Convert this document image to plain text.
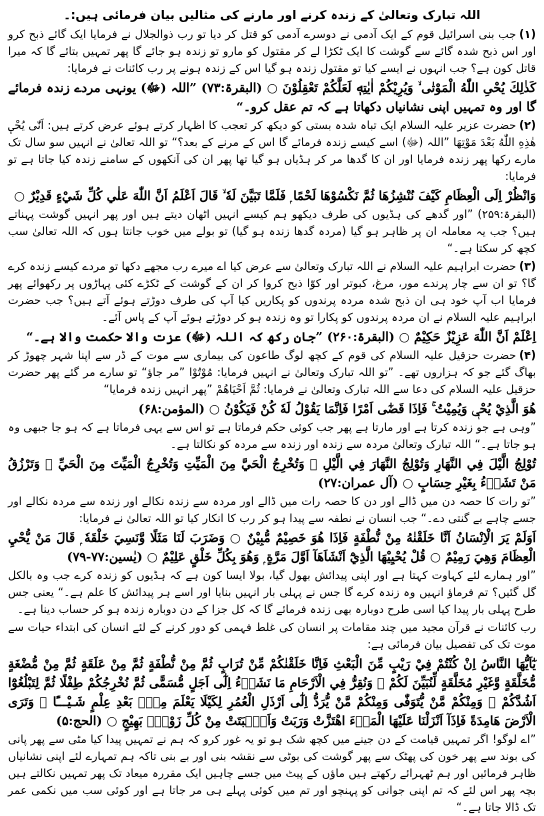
اللہ تبارک وتعالیٰ کے زندہ کرنے اور مارنے کی مثالیں بیان فرمائی ہیں:۔

(۱)جب بنی اسرائیل قوم کے ایک آدمی نے دوسرے آدمی کو قتل کر دیا تو رب ذوالجلال نے فرمایا ایک گائے ذبح کرو اور اس ذبح شدہ گائے سے گوشت کا ایک ٹکڑا لے کر مقتول کو مارو تو زندہ ہو جائے گا پھر تمہیں بتائے گا کہ میرا قاتل کون ہے؟ جب انہوں نے ایسے کیا تو مقتول زندہ ہو گیا اس کے زندہ ہونے پر رب کائنات نے فرمایا:

كَذٰلِكَ يُحْىِ اللّٰهُ الْمَوْتٰى ۙ وَيُرِيْكُمْ اٰيٰتِهٖ لَعَلَّكُمْ تَعْقِلُوْنَ ○ (البقرۃ:۷۳) ”اللہ (ﷻ) یونہی مردے زندہ فرمائے گا اور وہ تمہیں اپنی نشانیاں دکھاتا ہے کہ تم عقل کرو۔“

(۲)حضرت عزیر علیہ السلام ایک تباہ شدہ بستی کو دیکھ کر تعجب کا اظہار کرتے ہوئے عرض کرتے ہیں: اَنّٰى يُحْىٖ هٰذِهِ اللّٰهُ بَعْدَ مَوْتِهَا ”اللہ (ﷻ) اسے کیسے زندہ فرمائے گا اس کے مرنے کے بعد؟“ تو اللہ تعالیٰ نے انہیں سو سال تک مارے رکھا پھر زندہ فرمایا اور ان کا گدھا مر کر ہڈیاں ہو گیا تھا پھر ان کی آنکھوں کے سامنے زندہ کیا جاتا ہے تو فرمایا:

وَانْظُرْ اِلَى الْعِظَامِ كَيْفَ نُنْشِزُهَا ثُمَّ نَكْسُوْهَا لَحْمًا ۭ فَلَمَّا تَبَيَّنَ لَهٗ ۙ قَالَ اَعْلَمُ اَنَّ اللّٰهَ عَلٰي كُلِّ شَيْءٍ قَدِيْرٌ ○

(البقرۃ:۲۵۹) ”اور گدھے کی ہڈیوں کی طرف دیکھو ہم کیسے انہیں اٹھان دیتے ہیں اور پھر انہیں گوشت پہناتے ہیں؟ جب یہ معاملہ ان پر ظاہر ہو گیا (مردہ گدھا زندہ ہو گیا) تو بولے میں خوب جانتا ہوں کہ اللہ تعالیٰ سب کچھ کر سکتا ہے۔“

(۳)حضرت ابراہیم علیہ السلام نے اللہ تبارک وتعالیٰ سے عرض کیا اے میرے رب مجھے دکھا تو مردے کیسے زندہ کرے گا؟ تو ان سے چار پرندے مور، مرغ، کبوتر اور کوّا ذبح کروا کر ان کے گوشت کے ٹکڑے کئی پہاڑوں پر رکھوائے پھر فرمایا اب آپ خود ہی ان ذبح شدہ مردہ پرندوں کو پکاریں کیا آپ کی طرف دوڑتے ہوئے آتے ہیں؟ جب حضرت ابراہیم علیہ السلام نے ان مردہ پرندوں کو پکارا تو وہ زندہ ہو کر دوڑتے ہوئے آپ کے پاس آئے۔

اِعْلَمْ اَنَّ اللّٰهَ عَزِيْزٌ حَكِيْمٌ ○ (البقرۃ:۲۶۰) ”جان رکھ کہ اللہ (ﷻ) عزت والا حکمت والا ہے۔“

(۴)حضرت حزقیل علیہ السلام کی قوم کے کچھ لوگ طاعون کی بیماری سے موت کے ڈر سے اپنا شہر چھوڑ کر بھاگ گئے جو کہ ہزاروں تھے۔ ”تو اللہ تبارک وتعالیٰ نے انہیں فرمایا: مُوْتُوْا ”مر جاؤ“ تو سارے مر گئے پھر حضرت حزقیل علیہ السلام کی دعا سے اللہ تبارک وتعالیٰ نے فرمایا: ثُمَّ اَحْيَاهُمْ ”پھر انہیں زندہ فرمایا“

هُوَ الَّذِيْ يُحْيٖ وَيُمِيْتُ ۚ فَاِذَا قَضٰٓى اَمْرًا فَاِنَّمَا يَقُوْلُ لَهٗ كُنْ فَيَكُوْنُ ○ (المؤمن:۶۸)

”وہی ہے جو زندہ کرتا ہے اور مارتا ہے پھر جب کوئی حکم فرماتا ہے تو اس سے یہی فرماتا ہے کہ ہو جا جبھی وہ ہو جاتا ہے۔“ اللہ تبارک وتعالیٰ مردہ سے زندہ اور زندہ سے مردہ کو نکالتا ہے۔

تُوْلِجُ الَّيْلَ فِي النَّهَارِ وَتُوْلِجُ النَّهَارَ فِي الَّيْلِ ۡ وَتُخْرِجُ الْحَيَّ مِنَ الْمَيِّتِ وَتُخْرِجُ الْمَيِّتَ مِنَ الْحَيِّ ۡ وَتَرْزُقُ مَنْ تَشَاۗءُ بِغَيْرِ حِسَابٍ ○ (آل عمران:۲۷)

”تو رات کا حصہ دن میں ڈالے اور دن کا حصہ رات میں ڈالے اور مردہ سے زندہ نکالے اور زندہ سے مردہ نکالے اور جسے چاہے بے گنتی دے۔“ جب انسان نے نطفہ سے پیدا ہو کر رب کا انکار کیا تو اللہ تعالیٰ نے فرمایا:

اَوَلَمْ يَرَ الْاِنْسَانُ اَنَّا خَلَقْنٰهُ مِنْ نُّطْفَةٍ فَاِذَا هُوَ خَصِيْمٌ مُّبِيْنٌ ○ وَضَرَبَ لَنَا مَثَلًا وَّنَسِيَ خَلْقَهٗ ۭ قَالَ مَنْ يُّحْيِ الْعِظَامَ وَهِيَ رَمِيْمٌ ○ قُلْ يُحْيِيْهَا الَّذِيْٓ اَنْشَاَهَآ اَوَّلَ مَرَّةٍ ۭ وَهُوَ بِكُلِّ خَلْقٍ عَلِيْمٌ ○ (یٰسین:۷۷-۷۹)

”اور ہمارے لئے کہاوت کہتا ہے اور اپنی پیدائش بھول گیا، بولا ایسا کون ہے کہ ہڈیوں کو زندہ کرے جب وہ بالکل گل گئیں؟ تم فرماؤ انہیں وہ زندہ کرے گا جس نے پہلی بار انہیں بنایا اور اسے ہر پیدائش کا علم ہے۔“ یعنی جس طرح پہلی بار پیدا کیا اسی طرح دوبارہ بھی زندہ فرمائے گا کہ کل جزا کے دن دوبارہ زندہ ہو کر حساب دینا ہے۔

رب کائنات نے قرآن مجید میں چند مقامات پر انسان کی غلط فہمی کو دور کرنے کے لئے انسان کی ابتداء حیات سے موت تک کی تفصیل بیان فرمائی ہے:

يٰٓاَيُّهَا النَّاسُ اِنْ كُنْتُمْ فِيْ رَيْبٍ مِّنَ الْبَعْثِ فَاِنَّا خَلَقْنٰكُمْ مِّنْ تُرَابٍ ثُمَّ مِنْ نُّطْفَةٍ ثُمَّ مِنْ عَلَقَةٍ ثُمَّ مِنْ مُّضْغَةٍ مُّخَلَّقَةٍ وَّغَيْرِ مُخَلَّقَةٍ لِّنُبَيِّنَ لَكُمْ ۭ وَنُقِرُّ فِي الْاَرْحَامِ مَا نَشَاۗءُ اِلٰٓى اَجَلٍ مُّسَمًّى ثُمَّ نُخْرِجُكُمْ طِفْلًا ثُمَّ لِتَبْلُغُوْٓا اَشُدَّكُمْ ۚ وَمِنْكُمْ مَّنْ يُّتَوَفّٰى وَمِنْكُمْ مَّنْ يُّرَدُّ اِلٰٓى اَرْذَلِ الْعُمُرِ لِكَيْلَا يَعْلَمَ مِنْۢ بَعْدِ عِلْمٍ شَـيْـــًٔا ۭ وَتَرَى الْاَرْضَ هَامِدَةً فَاِذَآ اَنْزَلْنَا عَلَيْهَا الْمَاۗءَ اهْتَزَّتْ وَرَبَتْ وَاَنْۢبَتَتْ مِنْ كُلِّ زَوْجٍۢ بَهِيْجٍ ○ (الحج:۵)

”اے لوگو! اگر تمہیں قیامت کے دن جینے میں کچھ شک ہو تو یہ غور کرو کہ ہم نے تمہیں پیدا کیا مٹی سے پھر پانی کی بوند سے پھر خون کی پھٹک سے پھر گوشت کی بوٹی سے نقشہ بنی اور بے بنی تاکہ ہم تمہارے لئے اپنی نشانیاں ظاہر فرمائیں اور ہم ٹھہرائے رکھتے ہیں ماؤں کے پیٹ میں جسے چاہیں ایک مقررہ میعاد تک پھر تمہیں نکالتے ہیں بچہ پھر اس لئے کہ تم اپنی جوانی کو پہنچو اور تم میں کوئی پہلے ہی مر جاتا ہے اور کوئی سب میں نکمی عمر تک ڈالا جاتا ہے۔“
